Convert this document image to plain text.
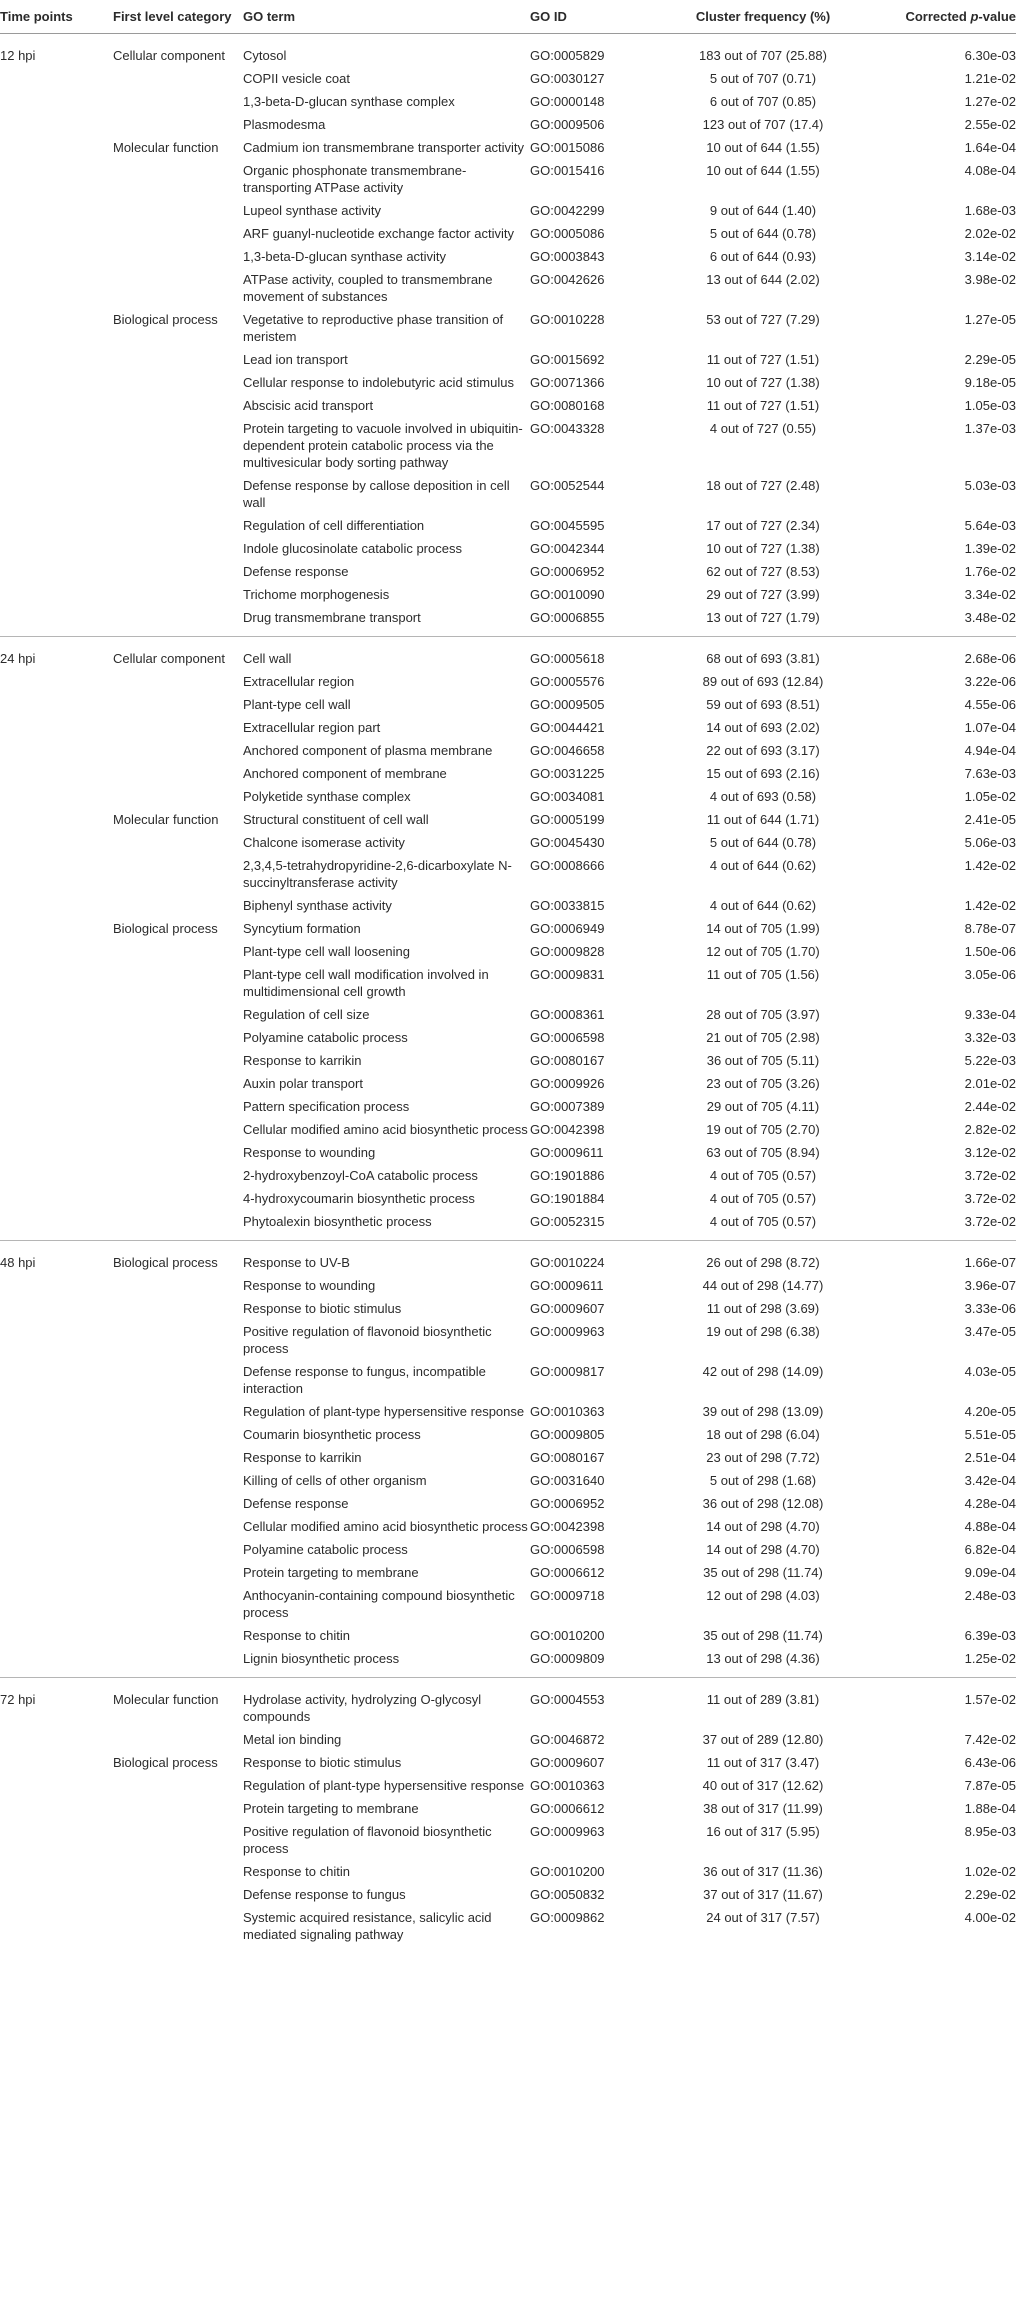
Time points	First level category	GO term	GO ID	Cluster frequency (%)	Corrected p-value
12 hpi	Cellular component	Cytosol	GO:0005829	183 out of 707 (25.88)	6.30e-03
		COPII vesicle coat	GO:0030127	5 out of 707 (0.71)	1.21e-02
		1,3-beta-D-glucan synthase complex	GO:0000148	6 out of 707 (0.85)	1.27e-02
		Plasmodesma	GO:0009506	123 out of 707 (17.4)	2.55e-02
	Molecular function	Cadmium ion transmembrane transporter activity	GO:0015086	10 out of 644 (1.55)	1.64e-04
		Organic phosphonate transmembrane-transporting ATPase activity	GO:0015416	10 out of 644 (1.55)	4.08e-04
		Lupeol synthase activity	GO:0042299	9 out of 644 (1.40)	1.68e-03
		ARF guanyl-nucleotide exchange factor activity	GO:0005086	5 out of 644 (0.78)	2.02e-02
		1,3-beta-D-glucan synthase activity	GO:0003843	6 out of 644 (0.93)	3.14e-02
		ATPase activity, coupled to transmembrane movement of substances	GO:0042626	13 out of 644 (2.02)	3.98e-02
	Biological process	Vegetative to reproductive phase transition of meristem	GO:0010228	53 out of 727 (7.29)	1.27e-05
		Lead ion transport	GO:0015692	11 out of 727 (1.51)	2.29e-05
		Cellular response to indolebutyric acid stimulus	GO:0071366	10 out of 727 (1.38)	9.18e-05
		Abscisic acid transport	GO:0080168	11 out of 727 (1.51)	1.05e-03
		Protein targeting to vacuole involved in ubiquitin-dependent protein catabolic process via the multivesicular body sorting pathway	GO:0043328	4 out of 727 (0.55)	1.37e-03
		Defense response by callose deposition in cell wall	GO:0052544	18 out of 727 (2.48)	5.03e-03
		Regulation of cell differentiation	GO:0045595	17 out of 727 (2.34)	5.64e-03
		Indole glucosinolate catabolic process	GO:0042344	10 out of 727 (1.38)	1.39e-02
		Defense response	GO:0006952	62 out of 727 (8.53)	1.76e-02
		Trichome morphogenesis	GO:0010090	29 out of 727 (3.99)	3.34e-02
		Drug transmembrane transport	GO:0006855	13 out of 727 (1.79)	3.48e-02
24 hpi	Cellular component	Cell wall	GO:0005618	68 out of 693 (3.81)	2.68e-06
		Extracellular region	GO:0005576	89 out of 693 (12.84)	3.22e-06
		Plant-type cell wall	GO:0009505	59 out of 693 (8.51)	4.55e-06
		Extracellular region part	GO:0044421	14 out of 693 (2.02)	1.07e-04
		Anchored component of plasma membrane	GO:0046658	22 out of 693 (3.17)	4.94e-04
		Anchored component of membrane	GO:0031225	15 out of 693 (2.16)	7.63e-03
		Polyketide synthase complex	GO:0034081	4 out of 693 (0.58)	1.05e-02
	Molecular function	Structural constituent of cell wall	GO:0005199	11 out of 644 (1.71)	2.41e-05
		Chalcone isomerase activity	GO:0045430	5 out of 644 (0.78)	5.06e-03
		2,3,4,5-tetrahydropyridine-2,6-dicarboxylate N-succinyltransferase activity	GO:0008666	4 out of 644 (0.62)	1.42e-02
		Biphenyl synthase activity	GO:0033815	4 out of 644 (0.62)	1.42e-02
	Biological process	Syncytium formation	GO:0006949	14 out of 705 (1.99)	8.78e-07
		Plant-type cell wall loosening	GO:0009828	12 out of 705 (1.70)	1.50e-06
		Plant-type cell wall modification involved in multidimensional cell growth	GO:0009831	11 out of 705 (1.56)	3.05e-06
		Regulation of cell size	GO:0008361	28 out of 705 (3.97)	9.33e-04
		Polyamine catabolic process	GO:0006598	21 out of 705 (2.98)	3.32e-03
		Response to karrikin	GO:0080167	36 out of 705 (5.11)	5.22e-03
		Auxin polar transport	GO:0009926	23 out of 705 (3.26)	2.01e-02
		Pattern specification process	GO:0007389	29 out of 705 (4.11)	2.44e-02
		Cellular modified amino acid biosynthetic process	GO:0042398	19 out of 705 (2.70)	2.82e-02
		Response to wounding	GO:0009611	63 out of 705 (8.94)	3.12e-02
		2-hydroxybenzoyl-CoA catabolic process	GO:1901886	4 out of 705 (0.57)	3.72e-02
		4-hydroxycoumarin biosynthetic process	GO:1901884	4 out of 705 (0.57)	3.72e-02
		Phytoalexin biosynthetic process	GO:0052315	4 out of 705 (0.57)	3.72e-02
48 hpi	Biological process	Response to UV-B	GO:0010224	26 out of 298 (8.72)	1.66e-07
		Response to wounding	GO:0009611	44 out of 298 (14.77)	3.96e-07
		Response to biotic stimulus	GO:0009607	11 out of 298 (3.69)	3.33e-06
		Positive regulation of flavonoid biosynthetic process	GO:0009963	19 out of 298 (6.38)	3.47e-05
		Defense response to fungus, incompatible interaction	GO:0009817	42 out of 298 (14.09)	4.03e-05
		Regulation of plant-type hypersensitive response	GO:0010363	39 out of 298 (13.09)	4.20e-05
		Coumarin biosynthetic process	GO:0009805	18 out of 298 (6.04)	5.51e-05
		Response to karrikin	GO:0080167	23 out of 298 (7.72)	2.51e-04
		Killing of cells of other organism	GO:0031640	5 out of 298 (1.68)	3.42e-04
		Defense response	GO:0006952	36 out of 298 (12.08)	4.28e-04
		Cellular modified amino acid biosynthetic process	GO:0042398	14 out of 298 (4.70)	4.88e-04
		Polyamine catabolic process	GO:0006598	14 out of 298 (4.70)	6.82e-04
		Protein targeting to membrane	GO:0006612	35 out of 298 (11.74)	9.09e-04
		Anthocyanin-containing compound biosynthetic process	GO:0009718	12 out of 298 (4.03)	2.48e-03
		Response to chitin	GO:0010200	35 out of 298 (11.74)	6.39e-03
		Lignin biosynthetic process	GO:0009809	13 out of 298 (4.36)	1.25e-02
72 hpi	Molecular function	Hydrolase activity, hydrolyzing O-glycosyl compounds	GO:0004553	11 out of 289 (3.81)	1.57e-02
		Metal ion binding	GO:0046872	37 out of 289 (12.80)	7.42e-02
	Biological process	Response to biotic stimulus	GO:0009607	11 out of 317 (3.47)	6.43e-06
		Regulation of plant-type hypersensitive response	GO:0010363	40 out of 317 (12.62)	7.87e-05
		Protein targeting to membrane	GO:0006612	38 out of 317 (11.99)	1.88e-04
		Positive regulation of flavonoid biosynthetic process	GO:0009963	16 out of 317 (5.95)	8.95e-03
		Response to chitin	GO:0010200	36 out of 317 (11.36)	1.02e-02
		Defense response to fungus	GO:0050832	37 out of 317 (11.67)	2.29e-02
		Systemic acquired resistance, salicylic acid mediated signaling pathway	GO:0009862	24 out of 317 (7.57)	4.00e-02
